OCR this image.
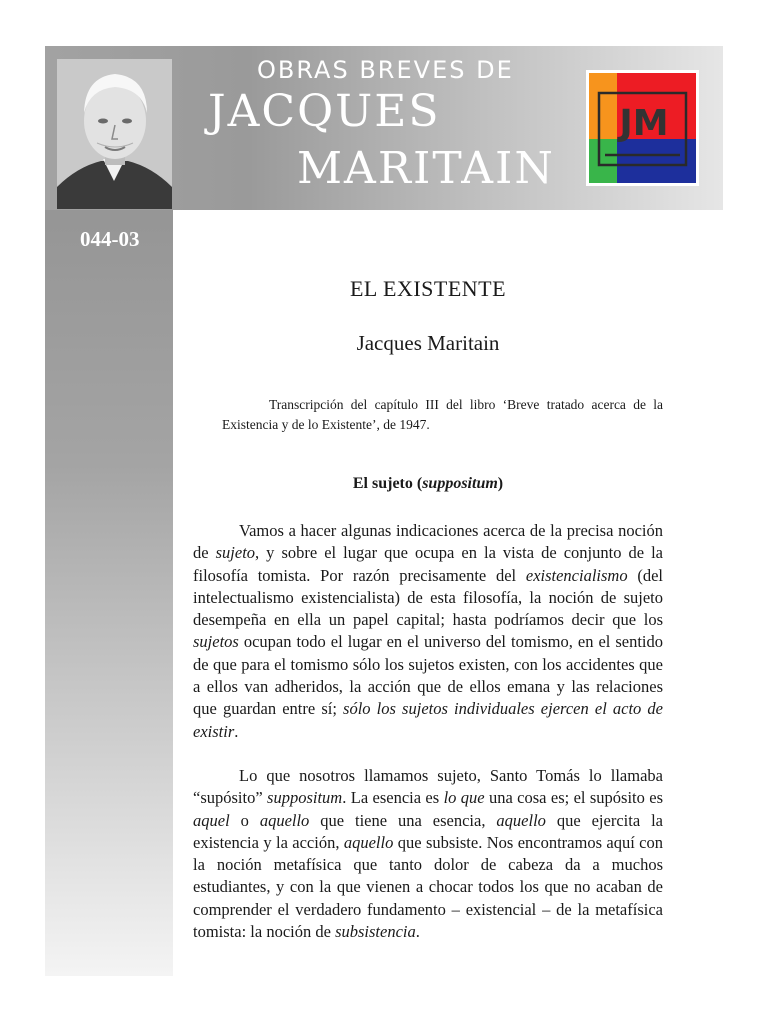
OBRAS BREVES DE
JACQUES
MARITAIN
JM
044-03
EL EXISTENTE
Jacques Maritain

Transcripción del capítulo III del libro ‘Breve tratado acerca de la Existencia y de lo Existente’, de 1947.

El sujeto (suppositum)

Vamos a hacer algunas indicaciones acerca de la precisa noción de sujeto, y sobre el lugar que ocupa en la vista de conjunto de la filosofía tomista. Por razón precisamente del existencialismo (del intelectualismo existencialista) de esta filosofía, la noción de sujeto desempeña en ella un papel capital; hasta podríamos decir que los sujetos ocupan todo el lugar en el universo del tomismo, en el sentido de que para el tomismo sólo los sujetos existen, con los accidentes que a ellos van adheridos, la acción que de ellos emana y las relaciones que guardan entre sí; sólo los sujetos individuales ejercen el acto de existir.

Lo que nosotros llamamos sujeto, Santo Tomás lo llamaba “supósito” suppositum. La esencia es lo que una cosa es; el supósito es aquel o aquello que tiene una esencia, aquello que ejercita la existencia y la acción, aquello que subsiste. Nos encontramos aquí con la noción metafísica que tanto dolor de cabeza da a muchos estudiantes, y con la que vienen a chocar todos los que no acaban de comprender el verdadero fundamento – existencial – de la metafísica tomista: la noción de subsistencia.
